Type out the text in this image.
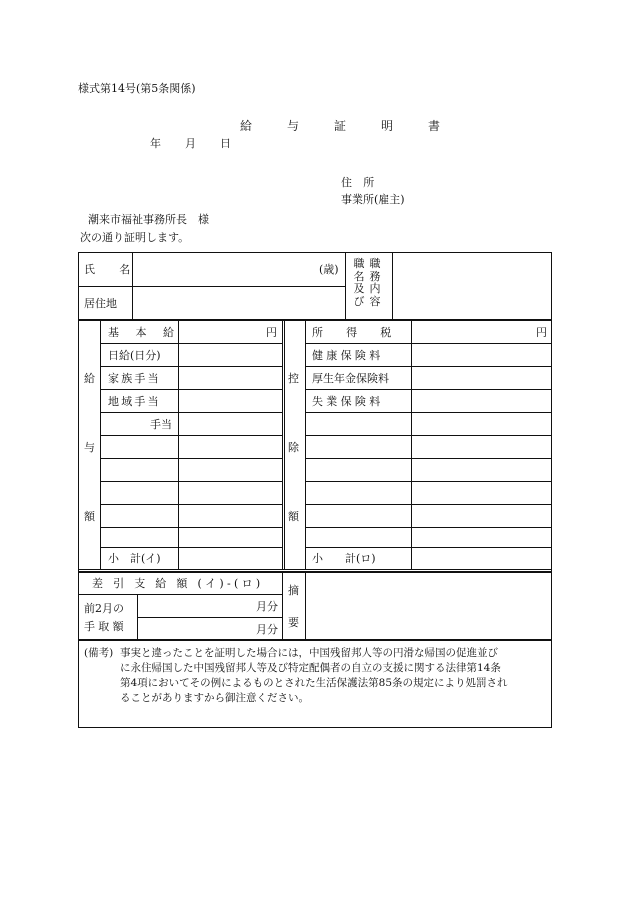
様式第14号(第5条関係)
給 与 証 明 書
年 月 日
住 所
事業所(雇主)
潮来市福祉事務所長　様
次の通り証明します。
氏　名	(歳)
居住地
職名及び
職務内容
給
与
額
控
除
額
基　本　給
日給(日分)
家族手当
地域手当
手当
円
小　計(イ)
所　得　税
健康保険料
厚生年金保険料
失業保険料
円
小　　計(ロ)
差 引 支 給 額 (イ)-(ロ)
前2月の
手取額
月分
月分
摘
要
(備考) 事実と違ったことを証明した場合には，中国残留邦人等の円滑な帰国の促進並び
に永住帰国した中国残留邦人等及び特定配偶者の自立の支援に関する法律第14条
第4項においてその例によるものとされた生活保護法第85条の規定により処罰され
ることがありますから御注意ください。
